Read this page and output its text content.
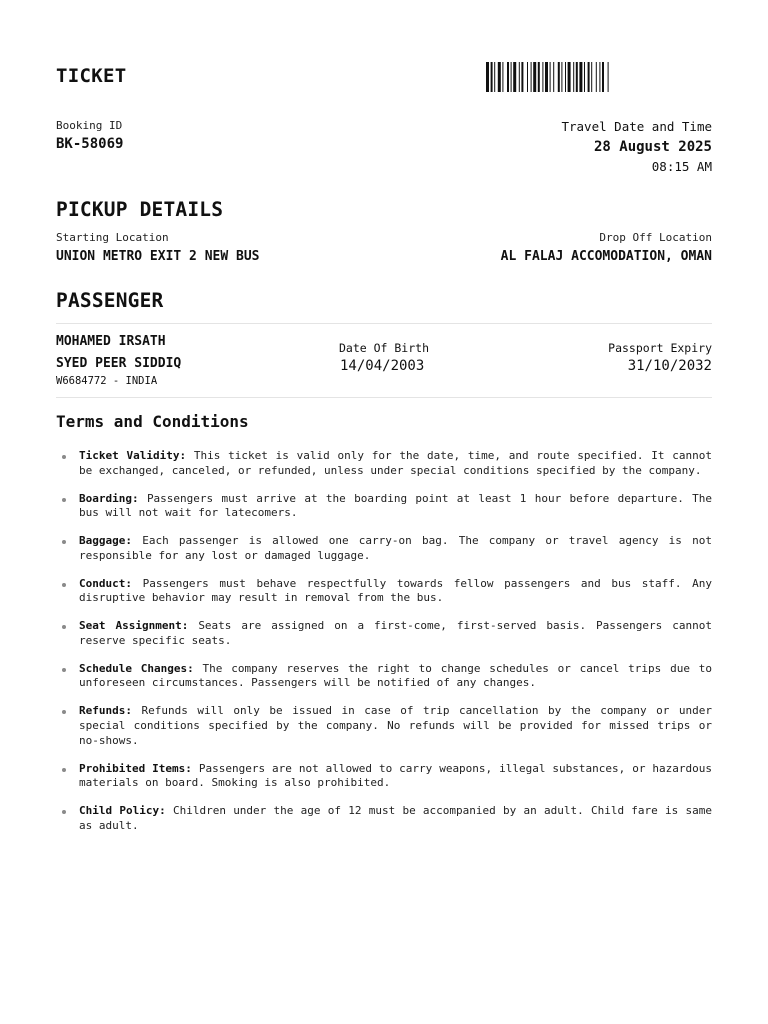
TICKET
Booking ID
BK-58069
Travel Date and Time
28 August 2025
08:15 AM
PICKUP DETAILS
Starting Location
UNION METRO EXIT 2 NEW BUS
Drop Off Location
AL FALAJ ACCOMODATION, OMAN
PASSENGER
MOHAMED IRSATH
SYED PEER SIDDIQ
W6684772 - INDIA
Date Of Birth
14/04/2003
Passport Expiry
31/10/2032
Terms and Conditions
Ticket Validity: This ticket is valid only for the date, time, and route specified. It cannot be exchanged, canceled, or refunded, unless under special conditions specified by the company.
Boarding: Passengers must arrive at the boarding point at least 1 hour before departure. The bus will not wait for latecomers.
Baggage: Each passenger is allowed one carry-on bag. The company or travel agency is not responsible for any lost or damaged luggage.
Conduct: Passengers must behave respectfully towards fellow passengers and bus staff. Any disruptive behavior may result in removal from the bus.
Seat Assignment: Seats are assigned on a first-come, first-served basis. Passengers cannot reserve specific seats.
Schedule Changes: The company reserves the right to change schedules or cancel trips due to unforeseen circumstances. Passengers will be notified of any changes.
Refunds: Refunds will only be issued in case of trip cancellation by the company or under special conditions specified by the company. No refunds will be provided for missed trips or no-shows.
Prohibited Items: Passengers are not allowed to carry weapons, illegal substances, or hazardous materials on board. Smoking is also prohibited.
Child Policy: Children under the age of 12 must be accompanied by an adult. Child fare is same as adult.
